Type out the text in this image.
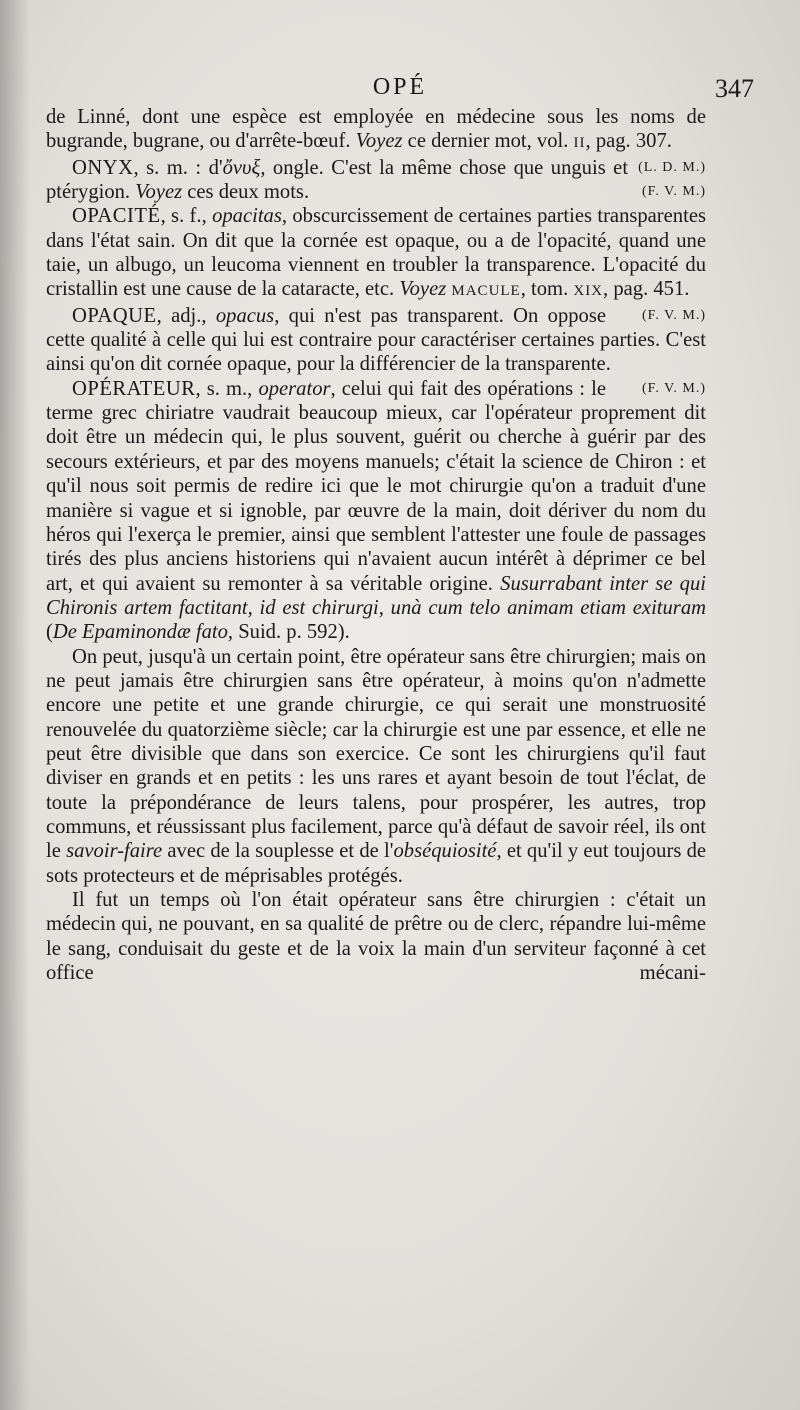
OPÉ	347

de Linné, dont une espèce est employée en médecine sous les noms de bugrande, bugrane, ou d'arrête-bœuf. Voyez ce dernier mot, vol. II, pag. 307.
(L. D. M.)

ONYX, s. m. : d'ὄνυξ, ongle. C'est la même chose que unguis et ptérygion. Voyez ces deux mots.	(F. V. M.)

OPACITÉ, s. f., opacitas, obscurcissement de certaines parties transparentes dans l'état sain. On dit que la cornée est opaque, ou a de l'opacité, quand une taie, un albugo, un leucoma viennent en troubler la transparence. L'opacité du cristallin est une cause de la cataracte, etc. Voyez MACULE, tom. XIX, pag. 451.
(F. V. M.)

OPAQUE, adj., opacus, qui n'est pas transparent. On oppose cette qualité à celle qui lui est contraire pour caractériser certaines parties. C'est ainsi qu'on dit cornée opaque, pour la différencier de la transparente.
(F. V. M.)

OPÉRATEUR, s. m., operator, celui qui fait des opérations : le terme grec chiriatre vaudrait beaucoup mieux, car l'opérateur proprement dit doit être un médecin qui, le plus souvent, guérit ou cherche à guérir par des secours extérieurs, et par des moyens manuels; c'était la science de Chiron : et qu'il nous soit permis de redire ici que le mot chirurgie qu'on a traduit d'une manière si vague et si ignoble, par œuvre de la main, doit dériver du nom du héros qui l'exerça le premier, ainsi que semblent l'attester une foule de passages tirés des plus anciens historiens qui n'avaient aucun intérêt à déprimer ce bel art, et qui avaient su remonter à sa véritable origine. Susurrabant inter se qui Chironis artem factitant, id est chirurgi, unà cum telo animam etiam exituram (De Epaminondæ fato, Suid. p. 592).

On peut, jusqu'à un certain point, être opérateur sans être chirurgien; mais on ne peut jamais être chirurgien sans être opérateur, à moins qu'on n'admette encore une petite et une grande chirurgie, ce qui serait une monstruosité renouvelée du quatorzième siècle; car la chirurgie est une par essence, et elle ne peut être divisible que dans son exercice. Ce sont les chirurgiens qu'il faut diviser en grands et en petits : les uns rares et ayant besoin de tout l'éclat, de toute la prépondérance de leurs talens, pour prospérer, les autres, trop communs, et réussissant plus facilement, parce qu'à défaut de savoir réel, ils ont le savoir-faire avec de la souplesse et de l'obséquiosité, et qu'il y eut toujours de sots protecteurs et de méprisables protégés.

Il fut un temps où l'on était opérateur sans être chirurgien : c'était un médecin qui, ne pouvant, en sa qualité de prêtre ou de clerc, répandre lui-même le sang, conduisait du geste et de la voix la main d'un serviteur façonné à cet office mécani-
